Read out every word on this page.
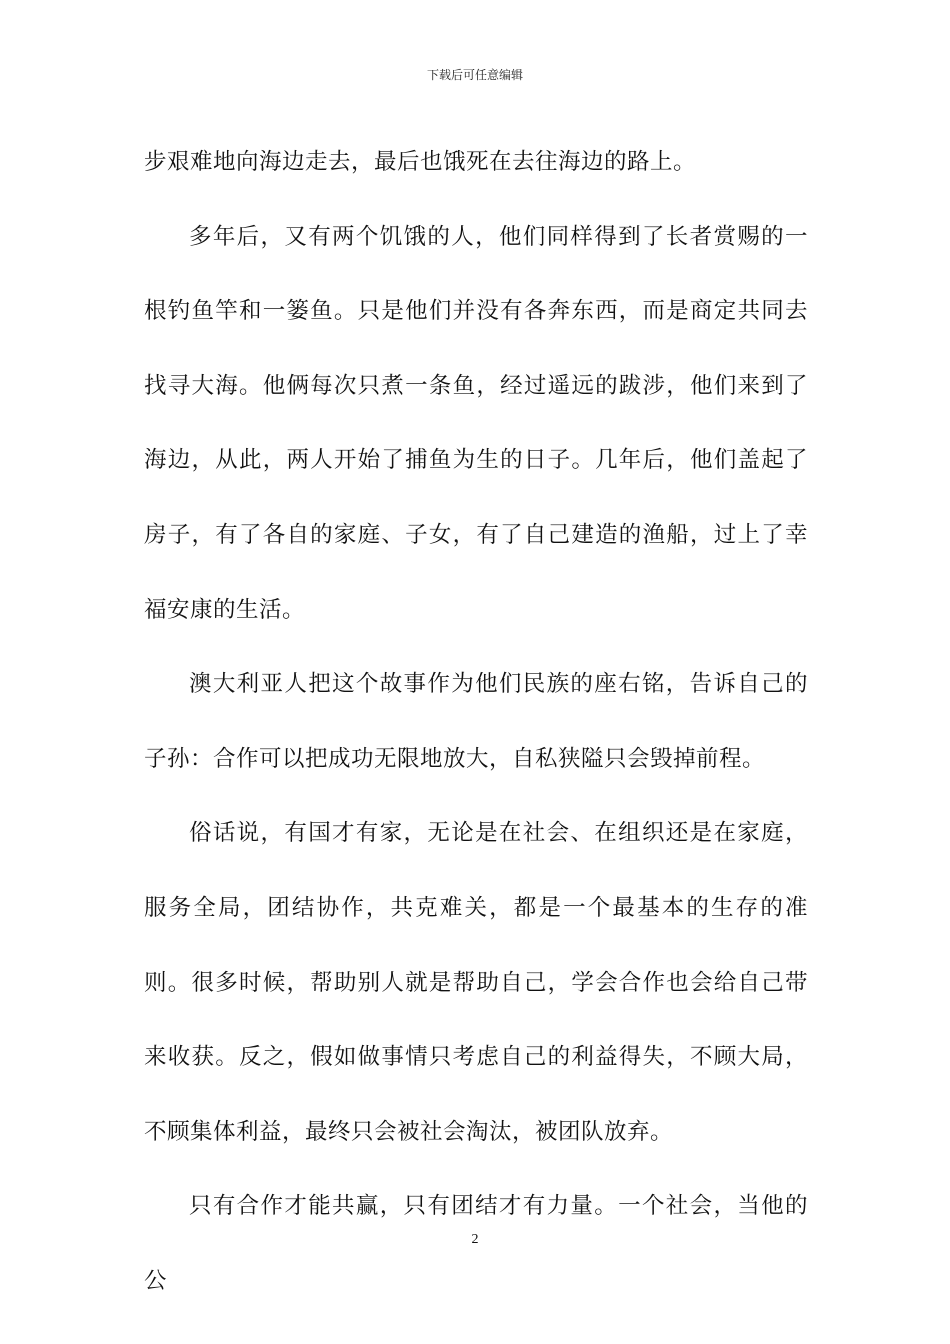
下载后可任意编辑

步艰难地向海边走去，最后也饿死在去往海边的路上。

多年后，又有两个饥饿的人，他们同样得到了长者赏赐的一根钓鱼竿和一篓鱼。只是他们并没有各奔东西，而是商定共同去找寻大海。他俩每次只煮一条鱼，经过遥远的跋涉，他们来到了海边，从此，两人开始了捕鱼为生的日子。几年后，他们盖起了房子，有了各自的家庭、子女，有了自己建造的渔船，过上了幸福安康的生活。

澳大利亚人把这个故事作为他们民族的座右铭，告诉自己的子孙：合作可以把成功无限地放大，自私狭隘只会毁掉前程。

俗话说，有国才有家，无论是在社会、在组织还是在家庭，服务全局，团结协作，共克难关，都是一个最基本的生存的准则。很多时候，帮助别人就是帮助自己，学会合作也会给自己带来收获。反之，假如做事情只考虑自己的利益得失，不顾大局，不顾集体利益，最终只会被社会淘汰，被团队放弃。

只有合作才能共赢，只有团结才有力量。一个社会，当他的公

2
